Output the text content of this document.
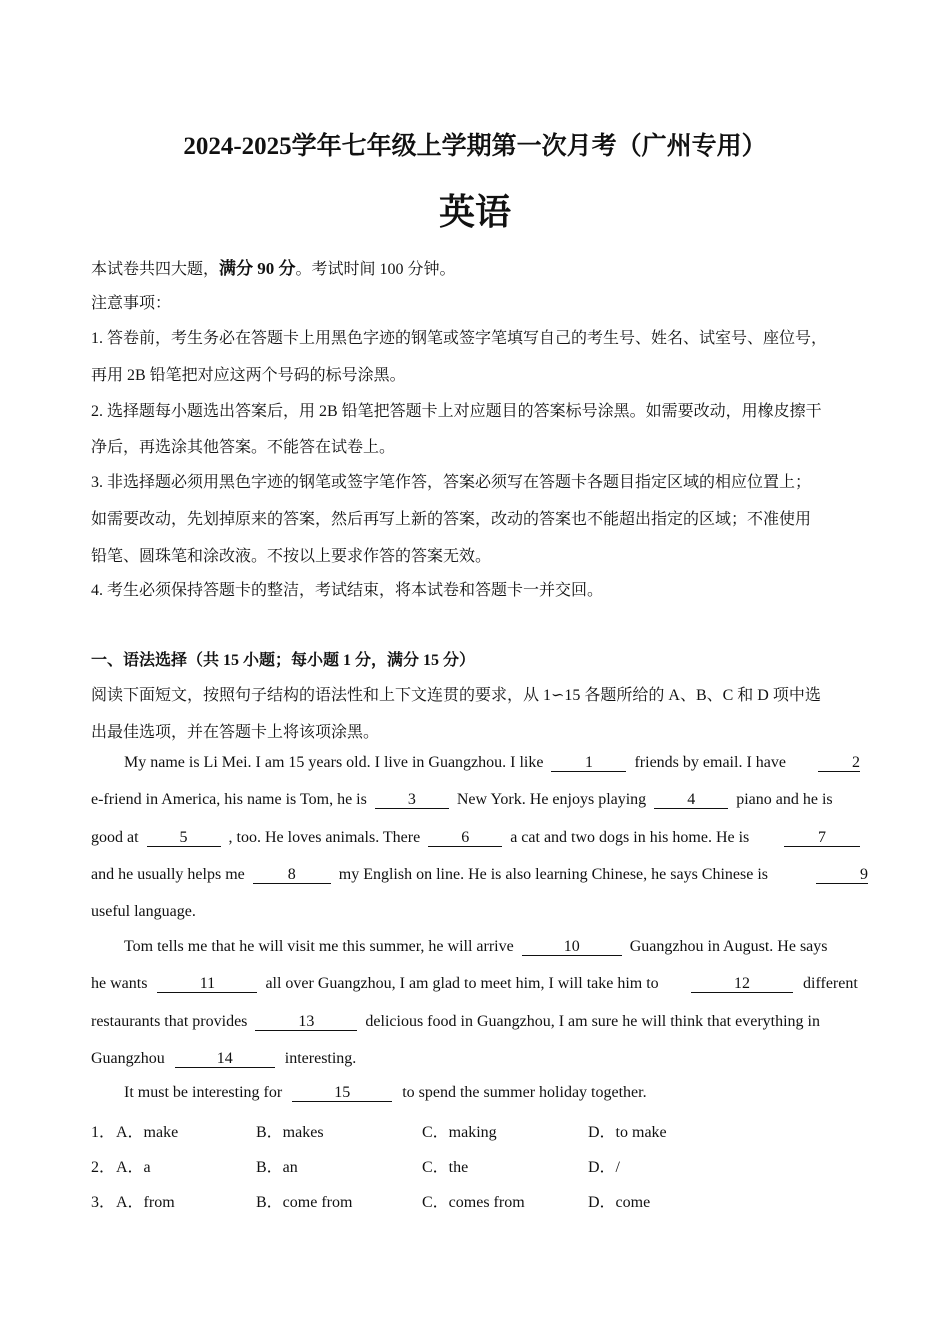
2024-2025学年七年级上学期第一次月考（广州专用）
英语
本试卷共四大题，满分 90 分。考试时间 100 分钟。
注意事项：
1. 答卷前，考生务必在答题卡上用黑色字迹的钢笔或签字笔填写自己的考生号、姓名、试室号、座位号，
再用 2B 铅笔把对应这两个号码的标号涂黑。
2. 选择题每小题选出答案后，用 2B 铅笔把答题卡上对应题目的答案标号涂黑。如需要改动，用橡皮擦干
净后，再选涂其他答案。不能答在试卷上。
3. 非选择题必须用黑色字迹的钢笔或签字笔作答，答案必须写在答题卡各题目指定区域的相应位置上；
如需要改动，先划掉原来的答案，然后再写上新的答案，改动的答案也不能超出指定的区域；不准使用
铅笔、圆珠笔和涂改液。不按以上要求作答的答案无效。
4. 考生必须保持答题卡的整洁，考试结束，将本试卷和答题卡一并交回。
一、语法选择（共 15 小题；每小题 1 分，满分 15 分）
阅读下面短文，按照句子结构的语法性和上下文连贯的要求，从 1∽15 各题所给的 A、B、C 和 D 项中选
出最佳选项，并在答题卡上将该项涂黑。
My name is Li Mei. I am 15 years old. I live in Guangzhou. I like	1	friends by email. I have	2
e-friend in America, his name is Tom, he is	3	New York. He enjoys playing	4	piano and he is
good at	5	, too. He loves animals. There	6	a cat and two dogs in his home. He is	7
and he usually helps me	8	my English on line. He is also learning Chinese, he says Chinese is	9
useful language.
Tom tells me that he will visit me this summer, he will arrive	10	Guangzhou in August. He says
he wants	11	all over Guangzhou, I am glad to meet him, I will take him to	12	different
restaurants that provides	13	delicious food in Guangzhou, I am sure he will think that everything in
Guangzhou	14	interesting.
It must be interesting for	15	to spend the summer holiday together.
1． A．make	B．makes	C．making	D．to make
2． A．a	B．an	C．the	D．/
3． A．from	B．come from	C．comes from	D．come
